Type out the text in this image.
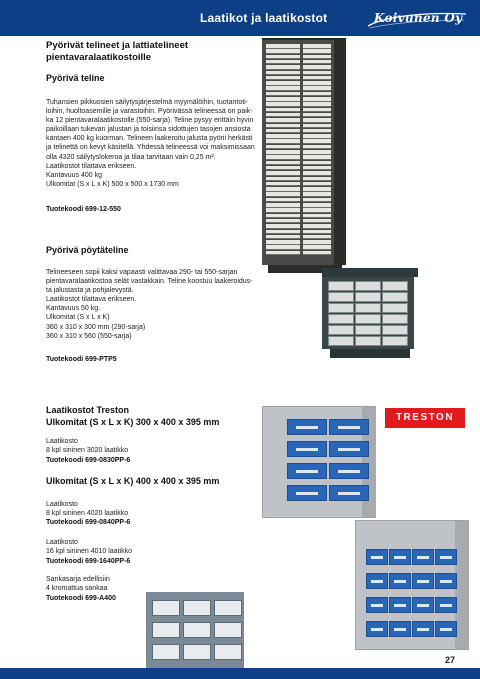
Laatikot ja laatikostot	Koivunen Oy
Pyörivät telineet ja lattiatelineet
pientavaralaatikostoille
Pyörivä teline
Tuhansien pikkuosien säilytysjärjestelmä myymälöihin, tuotantoti-
loihin, huoltoasemille ja varastoihin. Pyörivässä telineessä on paik-
ka 12 pientavaralaatikostolle (550-sarja). Teline pysyy erittäin hyvin
paikoillaan tukevan jalustan ja toisiinsa sidottujen tasojen ansiosta
kantaen 400 kg kuorman. Telineen laakeroitu jalusta pyörii herkästi
ja telinettä on kevyt käsitellä. Yhdessä telineessä voi maksimissaan
olla 4320 säilytyslokeroa ja tilaa tarvitaan vain 0,25 m².
Laatikostot tilattava erikseen.
Kantavuus 400 kg
Ulkomitat (S x L x K) 500 x 500 x 1730 mm
Tuotekoodi 699-12-550
Pyörivä pöytäteline
Telineeseen sopii kaksi vapaasti valittavaa 290- tai 550-sarjan
pientavaralaatikostoa selät vastakkain. Teline koostuu laakeroidus-
ta jalustasta ja pohjalevystä.
Laatikostot tilattava erikseen.
Kantavuus 50 kg.
Ulkomitat (S x L x K)
360 x 310 x 300 mm (290-sarja)
360 x 310 x 560 (550-sarja)
Tuotekoodi 699-PTP5
Laatikostot Treston
Ulkomitat (S x L x K) 300 x 400 x 395 mm
Laatikosto
8 kpl sininen 3020 laatikko
Tuotekoodi 699-0830PP-6
Ulkomitat (S x L x K) 400 x 400 x 395 mm
Laatikosto
8 kpl sininen 4020 laatikko
Tuotekoodi 699-0840PP-6
Laatikosto
16 kpl sininen 4010 laatikko
Tuotekoodi 699-1640PP-6
Sankasarja edellisiin
4 kromattua sankaa
Tuotekoodi 699-A400
TRESTON
27
